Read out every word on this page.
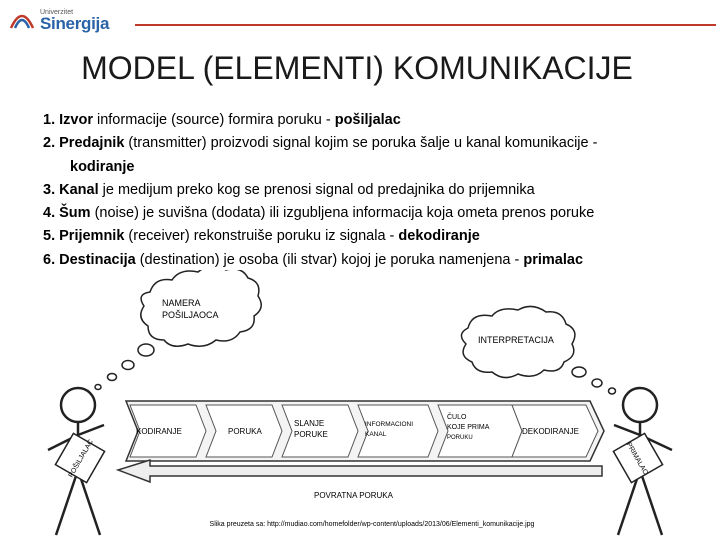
Univerzitet
Sinergija
MODEL (ELEMENTI) KOMUNIKACIJE
1. Izvor informacije (source) formira poruku - pošiljalac
2. Predajnik (transmitter) proizvodi signal kojim se poruka šalje u kanal komunikacije -
kodiranje
3. Kanal je medijum preko kog se prenosi signal od predajnika do prijemnika
4. Šum (noise) je suvišna (dodata) ili izgubljena informacija koja ometa prenos poruke
5. Prijemnik (receiver) rekonstruiše poruku iz signala - dekodiranje
6. Destinacija (destination) je osoba (ili stvar) kojoj je poruka namenjena - primalac
NAMERA
POŠILJAOCA
INTERPRETACIJA
POŠILJALAC	PRIMALAC
KODIRANJE	PORUKA
SLANJE
PORUKE
INFORMACIONI
KANAL
ČULO
KOJE PRIMA
PORUKU
DEKODIRANJE
POVRATNA PORUKA
Slika preuzeta sa: http://mudiao.com/homefolder/wp-content/uploads/2013/06/Elementi_komunikacije.jpg
